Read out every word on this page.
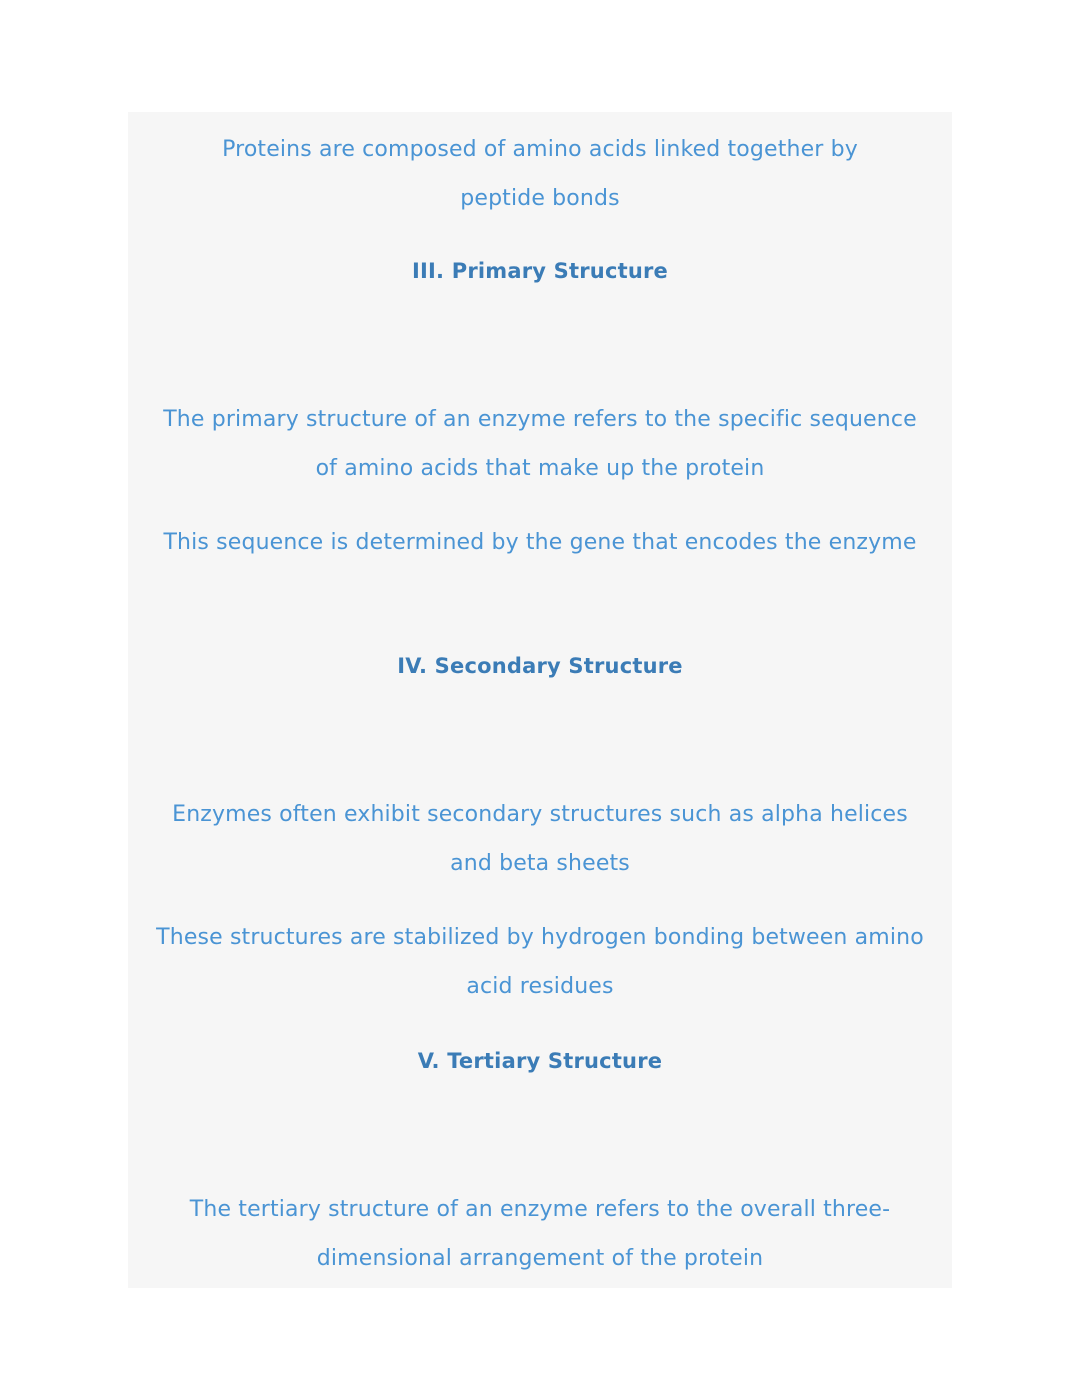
Proteins are composed of amino acids linked together by peptide bonds

III. Primary Structure

The primary structure of an enzyme refers to the specific sequence of amino acids that make up the protein

This sequence is determined by the gene that encodes the enzyme

IV. Secondary Structure

Enzymes often exhibit secondary structures such as alpha helices and beta sheets

These structures are stabilized by hydrogen bonding between amino acid residues

V. Tertiary Structure

The tertiary structure of an enzyme refers to the overall three-dimensional arrangement of the protein
